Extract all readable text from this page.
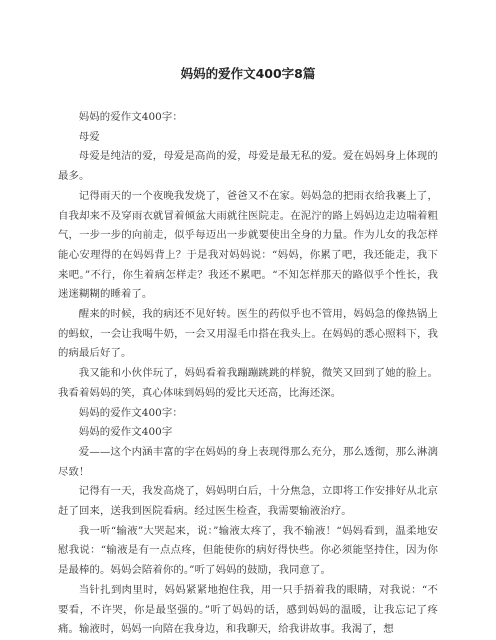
妈妈的爱作文400字8篇

妈妈的爱作文400字：

母爱

母爱是纯洁的爱，母爱是高尚的爱，母爱是最无私的爱。爱在妈妈身上体现的最多。

记得雨天的一个夜晚我发烧了，爸爸又不在家。妈妈急的把雨衣给我裹上了，自我却来不及穿雨衣就冒着倾盆大雨就往医院走。在泥泞的路上妈妈边走边喘着粗气，一步一步的向前走，似乎每迈出一步就要使出全身的力量。作为儿女的我怎样能心安理得的在妈妈背上？于是我对妈妈说：“妈妈，你累了吧，我还能走，我下来吧。”不行，你生着病怎样走？我还不累吧。“不知怎样那天的路似乎个性长，我迷迷糊糊的睡着了。

醒来的时候，我的病还不见好转。医生的药似乎也不管用，妈妈急的像热锅上的蚂蚁，一会让我喝牛奶，一会又用湿毛巾搭在我头上。在妈妈的悉心照料下，我的病最后好了。

我又能和小伙伴玩了，妈妈看着我蹦蹦跳跳的样貌，微笑又回到了她的脸上。我看着妈妈的笑，真心体味到妈妈的爱比天还高，比海还深。

妈妈的爱作文400字：

妈妈的爱作文400字

爱——这个内涵丰富的字在妈妈的身上表现得那么充分，那么透彻，那么淋漓尽致！

记得有一天，我发高烧了，妈妈明白后，十分焦急，立即将工作安排好从北京赶了回来，送我到医院看病。经过医生检查，我需要输液治疗。

我一听“输液”大哭起来，说：”输液太疼了，我不输液！“妈妈看到，温柔地安慰我说：“输液是有一点点疼，但能使你的病好得快些。你必须能坚持住，因为你是最棒的。妈妈会陪着你的。”听了妈妈的鼓励，我同意了。

当针扎到肉里时，妈妈紧紧地抱住我，用一只手捂着我的眼睛，对我说：“不要看，不许哭，你是最坚强的。”听了妈妈的话，感到妈妈的温暖，让我忘记了疼痛。输液时，妈妈一向陪在我身边，和我聊天，给我讲故事。我渴了，想
